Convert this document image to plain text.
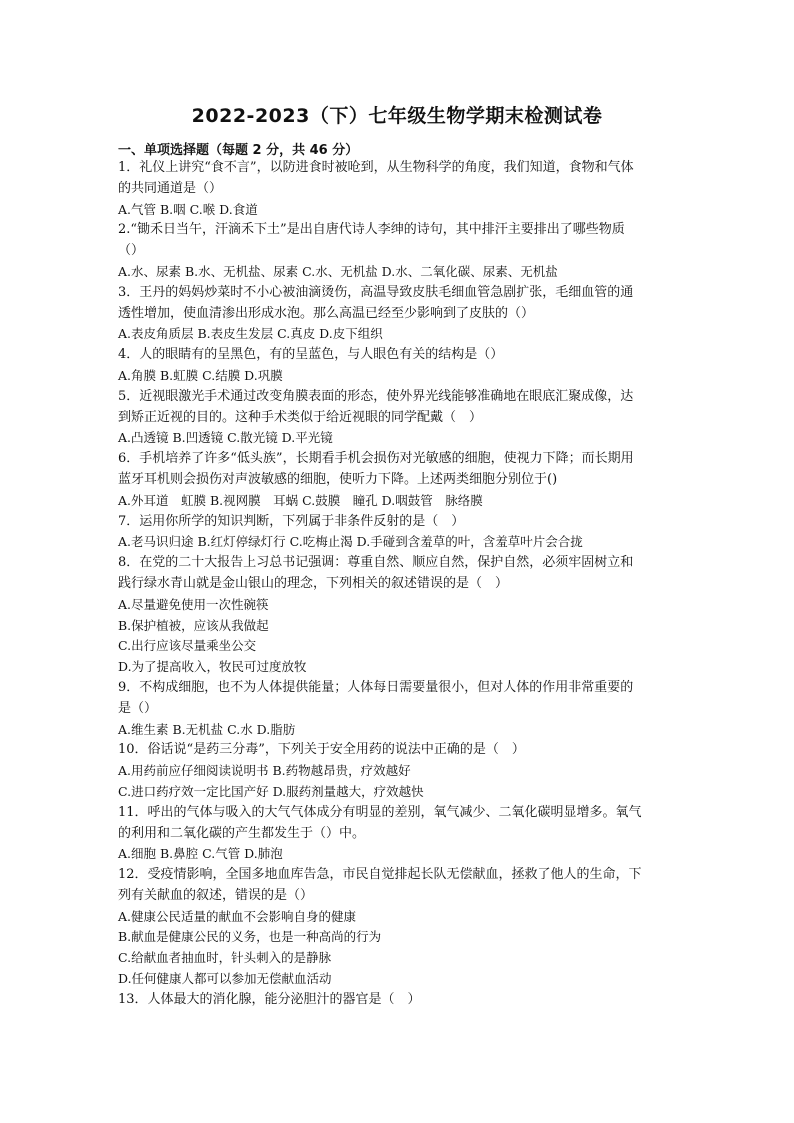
2022-2023（下）七年级生物学期末检测试卷
一、单项选择题（每题 2 分，共 46 分）
1．礼仪上讲究“食不言”，以防进食时被呛到，从生物科学的角度，我们知道，食物和气体
的共同通道是（）
A.气管 B.咽 C.喉 D.食道
2.“锄禾日当午，汗滴禾下土”是出自唐代诗人李绅的诗句，其中排汗主要排出了哪些物质
（）
A.水、尿素 B.水、无机盐、尿素 C.水、无机盐 D.水、二氧化碳、尿素、无机盐
3．王丹的妈妈炒菜时不小心被油滴烫伤，高温导致皮肤毛细血管急剧扩张，毛细血管的通
透性增加，使血清渗出形成水泡。那么高温已经至少影响到了皮肤的（）
A.表皮角质层 B.表皮生发层 C.真皮 D.皮下组织
4．人的眼睛有的呈黑色，有的呈蓝色，与人眼色有关的结构是（）
A.角膜 B.虹膜 C.结膜 D.巩膜
5．近视眼激光手术通过改变角膜表面的形态，使外界光线能够准确地在眼底汇聚成像，达
到矫正近视的目的。这种手术类似于给近视眼的同学配戴（　）
A.凸透镜 B.凹透镜 C.散光镜 D.平光镜
6．手机培养了许多“低头族”，长期看手机会损伤对光敏感的细胞，使视力下降；而长期用
蓝牙耳机则会损伤对声波敏感的细胞，使听力下降。上述两类细胞分别位于()
A.外耳道　虹膜 B.视网膜　耳蜗 C.鼓膜　瞳孔 D.咽鼓管　脉络膜
7．运用你所学的知识判断，下列属于非条件反射的是（　）
A.老马识归途 B.红灯停绿灯行 C.吃梅止渴 D.手碰到含羞草的叶，含羞草叶片会合拢
8．在党的二十大报告上习总书记强调：尊重自然、顺应自然，保护自然，必须牢固树立和
践行绿水青山就是金山银山的理念，下列相关的叙述错误的是（　）
A.尽量避免使用一次性碗筷
B.保护植被，应该从我做起
C.出行应该尽量乘坐公交
D.为了提高收入，牧民可过度放牧
9．不构成细胞，也不为人体提供能量；人体每日需要量很小，但对人体的作用非常重要的
是（）
A.维生素 B.无机盐 C.水 D.脂肪
10．俗话说“是药三分毒”，下列关于安全用药的说法中正确的是（　）
A.用药前应仔细阅读说明书 B.药物越昂贵，疗效越好
C.进口药疗效一定比国产好 D.服药剂量越大，疗效越快
11．呼出的气体与吸入的大气气体成分有明显的差别，氧气减少、二氧化碳明显增多。氧气
的利用和二氧化碳的产生都发生于（）中。
A.细胞 B.鼻腔 C.气管 D.肺泡
12．受疫情影响，全国多地血库告急，市民自觉排起长队无偿献血，拯救了他人的生命，下
列有关献血的叙述，错误的是（）
A.健康公民适量的献血不会影响自身的健康
B.献血是健康公民的义务，也是一种高尚的行为
C.给献血者抽血时，针头刺入的是静脉
D.任何健康人都可以参加无偿献血活动
13．人体最大的消化腺，能分泌胆汁的器官是（　）
